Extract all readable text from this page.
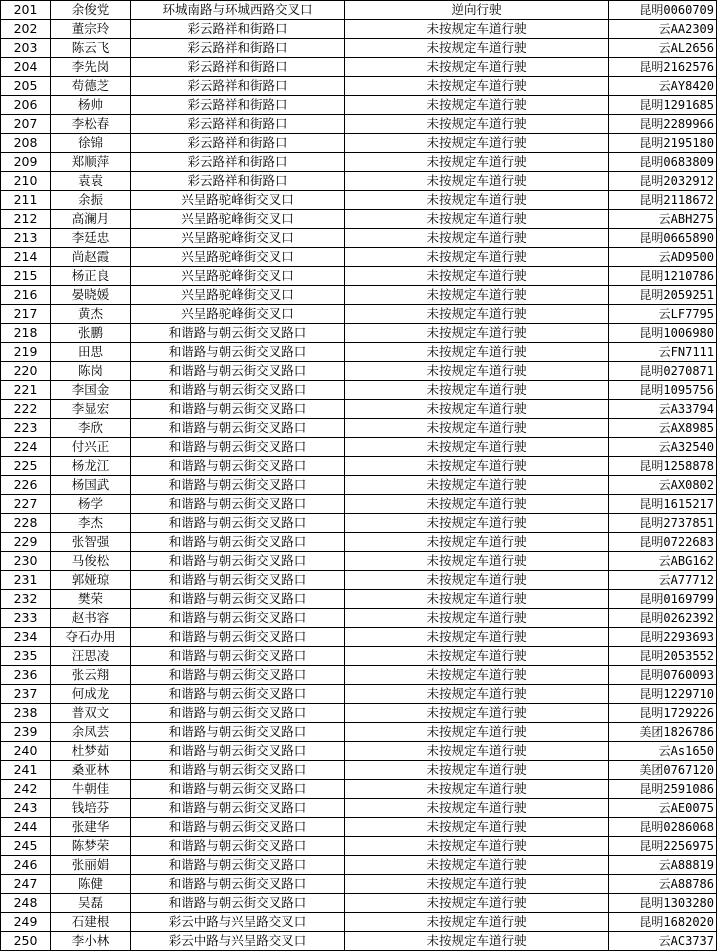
201	余俊党	环城南路与环城西路交叉口	逆向行驶	昆明0060709
202	董宗玲	彩云路祥和街路口	未按规定车道行驶	云AA2309
203	陈云飞	彩云路祥和街路口	未按规定车道行驶	云AL2656
204	李先岗	彩云路祥和街路口	未按规定车道行驶	昆明2162576
205	苟德芝	彩云路祥和街路口	未按规定车道行驶	云AY8420
206	杨帅	彩云路祥和街路口	未按规定车道行驶	昆明1291685
207	李松春	彩云路祥和街路口	未按规定车道行驶	昆明2289966
208	徐锦	彩云路祥和街路口	未按规定车道行驶	昆明2195180
209	郑顺萍	彩云路祥和街路口	未按规定车道行驶	昆明0683809
210	袁袁	彩云路祥和街路口	未按规定车道行驶	昆明2032912
211	余振	兴呈路驼峰街交叉口	未按规定车道行驶	昆明2118672
212	高澜月	兴呈路驼峰街交叉口	未按规定车道行驶	云ABH275
213	李廷忠	兴呈路驼峰街交叉口	未按规定车道行驶	昆明0665890
214	尚赵霞	兴呈路驼峰街交叉口	未按规定车道行驶	云AD9500
215	杨正良	兴呈路驼峰街交叉口	未按规定车道行驶	昆明1210786
216	晏晓媛	兴呈路驼峰街交叉口	未按规定车道行驶	昆明2059251
217	黄杰	兴呈路驼峰街交叉口	未按规定车道行驶	云LF7795
218	张鹏	和谐路与朝云街交叉路口	未按规定车道行驶	昆明1006980
219	田思	和谐路与朝云街交叉路口	未按规定车道行驶	云FN7111
220	陈岗	和谐路与朝云街交叉路口	未按规定车道行驶	昆明0270871
221	李国金	和谐路与朝云街交叉路口	未按规定车道行驶	昆明1095756
222	李显宏	和谐路与朝云街交叉路口	未按规定车道行驶	云A33794
223	李欣	和谐路与朝云街交叉路口	未按规定车道行驶	云AX8985
224	付兴正	和谐路与朝云街交叉路口	未按规定车道行驶	云A32540
225	杨龙江	和谐路与朝云街交叉路口	未按规定车道行驶	昆明1258878
226	杨国武	和谐路与朝云街交叉路口	未按规定车道行驶	云AX0802
227	杨学	和谐路与朝云街交叉路口	未按规定车道行驶	昆明1615217
228	李杰	和谐路与朝云街交叉路口	未按规定车道行驶	昆明2737851
229	张智强	和谐路与朝云街交叉路口	未按规定车道行驶	昆明0722683
230	马俊松	和谐路与朝云街交叉路口	未按规定车道行驶	云ABG162
231	郭娅琼	和谐路与朝云街交叉路口	未按规定车道行驶	云A77712
232	樊荣	和谐路与朝云街交叉路口	未按规定车道行驶	昆明0169799
233	赵书容	和谐路与朝云街交叉路口	未按规定车道行驶	昆明0262392
234	夺石办用	和谐路与朝云街交叉路口	未按规定车道行驶	昆明2293693
235	汪思凌	和谐路与朝云街交叉路口	未按规定车道行驶	昆明2053552
236	张云翔	和谐路与朝云街交叉路口	未按规定车道行驶	昆明0760093
237	何成龙	和谐路与朝云街交叉路口	未按规定车道行驶	昆明1229710
238	普双文	和谐路与朝云街交叉路口	未按规定车道行驶	昆明1729226
239	余凤芸	和谐路与朝云街交叉路口	未按规定车道行驶	美团1826786
240	杜梦茹	和谐路与朝云街交叉路口	未按规定车道行驶	云As1650
241	桑亚林	和谐路与朝云街交叉路口	未按规定车道行驶	美团0767120
242	牛朝佳	和谐路与朝云街交叉路口	未按规定车道行驶	昆明2591086
243	钱培芬	和谐路与朝云街交叉路口	未按规定车道行驶	云AE0075
244	张建华	和谐路与朝云街交叉路口	未按规定车道行驶	昆明0286068
245	陈梦荣	和谐路与朝云街交叉路口	未按规定车道行驶	昆明2256975
246	张丽娟	和谐路与朝云街交叉路口	未按规定车道行驶	云A88819
247	陈健	和谐路与朝云街交叉路口	未按规定车道行驶	云A88786
248	吴磊	和谐路与朝云街交叉路口	未按规定车道行驶	昆明1303280
249	石建根	彩云中路与兴呈路交叉口	未按规定车道行驶	昆明1682020
250	李小林	彩云中路与兴呈路交叉口	未按规定车道行驶	云AC3737
